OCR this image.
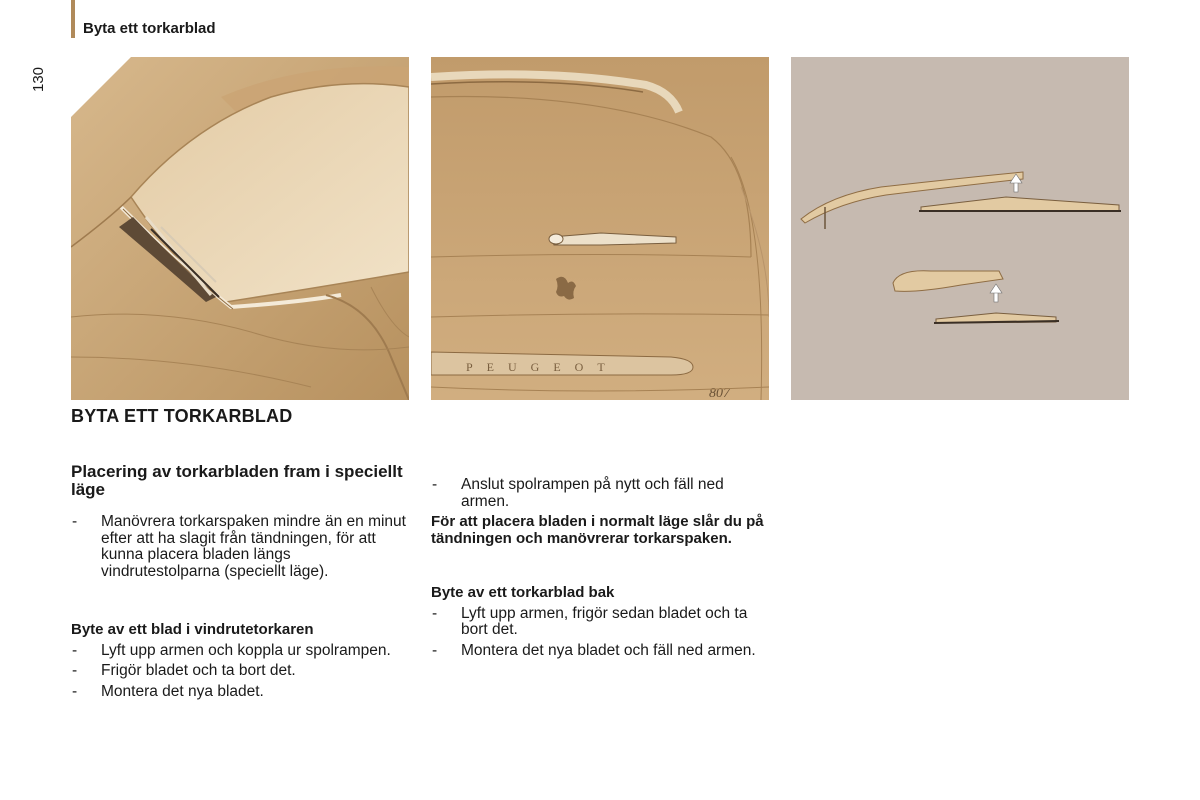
Byta ett torkarblad
130
PEUGEOT
807
BYTA ETT TORKARBLAD
Placering av torkarbladen fram i speciellt läge
- Manövrera torkarspaken mindre än en minut efter att ha slagit från tändningen, för att kunna placera bladen längs vindrutestolparna (speciellt läge).
Byte av ett blad i vindrutetorkaren
- Lyft upp armen och koppla ur spolrampen.
- Frigör bladet och ta bort det.
- Montera det nya bladet.
- Anslut spolrampen på nytt och fäll ned armen.
För att placera bladen i normalt läge slår du på tändningen och manövrerar torkarspaken.
Byte av ett torkarblad bak
- Lyft upp armen, frigör sedan bladet och ta bort det.
- Montera det nya bladet och fäll ned armen.
